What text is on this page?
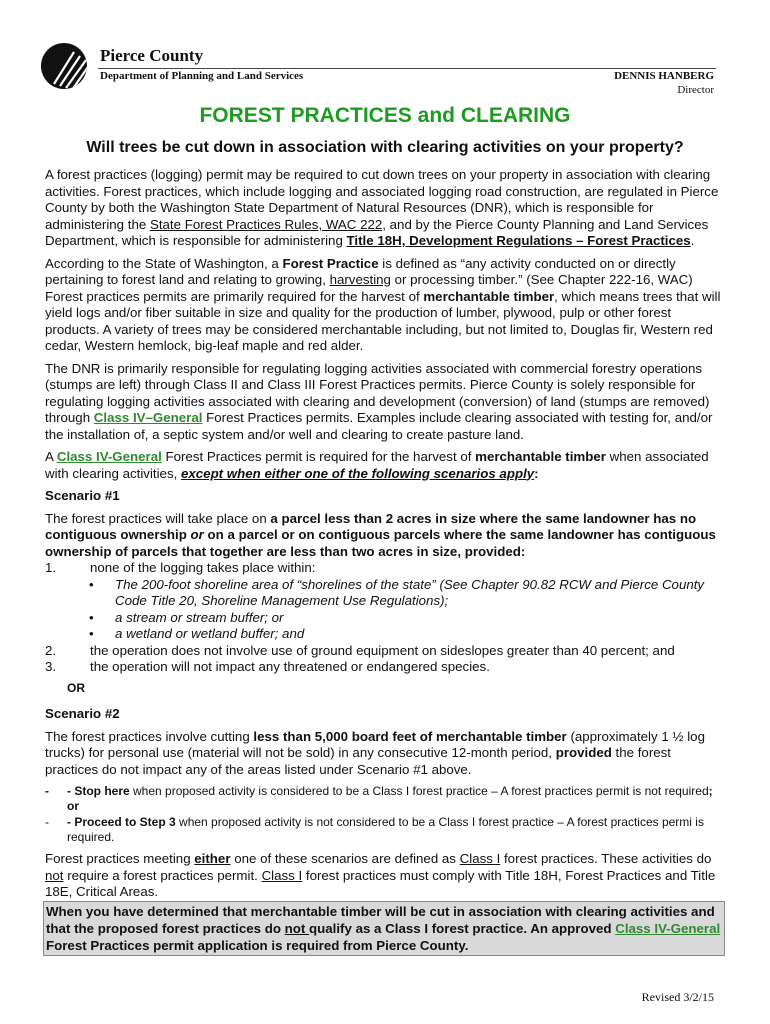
Pierce County
Department of Planning and Land Services	DENNIS HANBERG
Director
FOREST PRACTICES and CLEARING
Will trees be cut down in association with clearing activities on your property?

A forest practices (logging) permit may be required to cut down trees on your property in association with clearing activities. Forest practices, which include logging and associated logging road construction, are regulated in Pierce County by both the Washington State Department of Natural Resources (DNR), which is responsible for administering the State Forest Practices Rules, WAC 222, and by the Pierce County Planning and Land Services Department, which is responsible for administering Title 18H, Development Regulations – Forest Practices.

According to the State of Washington, a Forest Practice is defined as “any activity conducted on or directly pertaining to forest land and relating to growing, harvesting or processing timber.” (See Chapter 222-16, WAC) Forest practices permits are primarily required for the harvest of merchantable timber, which means trees that will yield logs and/or fiber suitable in size and quality for the production of lumber, plywood, pulp or other forest products. A variety of trees may be considered merchantable including, but not limited to, Douglas fir, Western red cedar, Western hemlock, big-leaf maple and red alder.

The DNR is primarily responsible for regulating logging activities associated with commercial forestry operations (stumps are left) through Class II and Class III Forest Practices permits. Pierce County is solely responsible for regulating logging activities associated with clearing and development (conversion) of land (stumps are removed) through Class IV–General Forest Practices permits. Examples include clearing associated with testing for, and/or the installation of, a septic system and/or well and clearing to create pasture land.

A Class IV-General Forest Practices permit is required for the harvest of merchantable timber when associated with clearing activities, except when either one of the following scenarios apply:

Scenario #1

The forest practices will take place on a parcel less than 2 acres in size where the same landowner has no contiguous ownership or on a parcel or on contiguous parcels where the same landowner has contiguous ownership of parcels that together are less than two acres in size, provided:

1.	none of the logging takes place within:
•	The 200-foot shoreline area of “shorelines of the state” (See Chapter 90.82 RCW and Pierce County Code Title 20, Shoreline Management Use Regulations);
•	a stream or stream buffer; or
•	a wetland or wetland buffer; and
2.	the operation does not involve use of ground equipment on sideslopes greater than 40 percent; and
3.	the operation will not impact any threatened or endangered species.
OR

Scenario #2

The forest practices involve cutting less than 5,000 board feet of merchantable timber (approximately 1 ½ log trucks) for personal use (material will not be sold) in any consecutive 12-month period, provided the forest practices do not impact any of the areas listed under Scenario #1 above.

-	- Stop here when proposed activity is considered to be a Class I forest practice – A forest practices permit is not required; or
-	- Proceed to Step 3 when proposed activity is not considered to be a Class I forest practice – A forest practices permi is required.

Forest practices meeting either one of these scenarios are defined as Class I forest practices. These activities do not require a forest practices permit. Class I forest practices must comply with Title 18H, Forest Practices and Title 18E, Critical Areas.

When you have determined that merchantable timber will be cut in association with clearing activities and that the proposed forest practices do not qualify as a Class I forest practice. An approved Class IV-General Forest Practices permit application is required from Pierce County.
Revised 3/2/15
